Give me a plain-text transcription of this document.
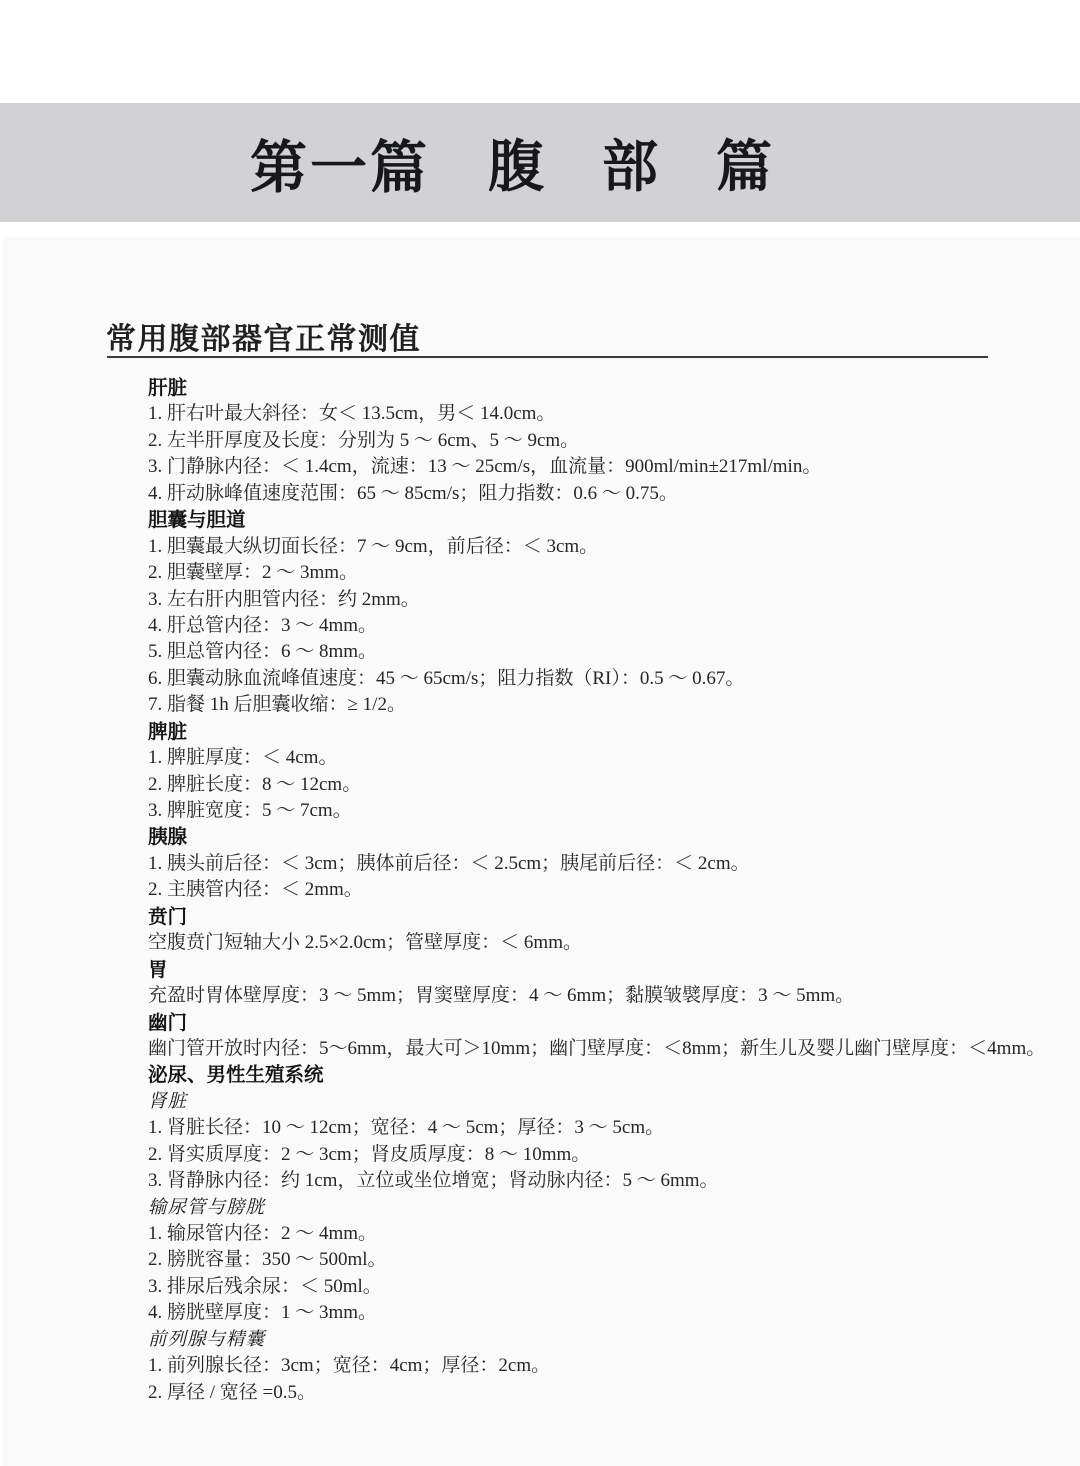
第一篇 腹部篇
常用腹部器官正常测值
肝脏
1. 肝右叶最大斜径：女＜ 13.5cm，男＜ 14.0cm。
2. 左半肝厚度及长度：分别为 5 ～ 6cm、5 ～ 9cm。
3. 门静脉内径：＜ 1.4cm，流速：13 ～ 25cm/s，血流量：900ml/min±217ml/min。
4. 肝动脉峰值速度范围：65 ～ 85cm/s；阻力指数：0.6 ～ 0.75。
胆囊与胆道
1. 胆囊最大纵切面长径：7 ～ 9cm，前后径：＜ 3cm。
2. 胆囊壁厚：2 ～ 3mm。
3. 左右肝内胆管内径：约 2mm。
4. 肝总管内径：3 ～ 4mm。
5. 胆总管内径：6 ～ 8mm。
6. 胆囊动脉血流峰值速度：45 ～ 65cm/s；阻力指数（RI）：0.5 ～ 0.67。
7. 脂餐 1h 后胆囊收缩：≥ 1/2。
脾脏
1. 脾脏厚度：＜ 4cm。
2. 脾脏长度：8 ～ 12cm。
3. 脾脏宽度：5 ～ 7cm。
胰腺
1. 胰头前后径：＜ 3cm；胰体前后径：＜ 2.5cm；胰尾前后径：＜ 2cm。
2. 主胰管内径：＜ 2mm。
贲门
空腹贲门短轴大小 2.5×2.0cm；管壁厚度：＜ 6mm。
胃
充盈时胃体壁厚度：3 ～ 5mm；胃窦壁厚度：4 ～ 6mm；黏膜皱襞厚度：3 ～ 5mm。
幽门
幽门管开放时内径：5～6mm，最大可＞10mm；幽门壁厚度：＜8mm；新生儿及婴儿幽门壁厚度：＜4mm。
泌尿、男性生殖系统
肾脏
1. 肾脏长径：10 ～ 12cm；宽径：4 ～ 5cm；厚径：3 ～ 5cm。
2. 肾实质厚度：2 ～ 3cm；肾皮质厚度：8 ～ 10mm。
3. 肾静脉内径：约 1cm，立位或坐位增宽；肾动脉内径：5 ～ 6mm。
输尿管与膀胱
1. 输尿管内径：2 ～ 4mm。
2. 膀胱容量：350 ～ 500ml。
3. 排尿后残余尿：＜ 50ml。
4. 膀胱壁厚度：1 ～ 3mm。
前列腺与精囊
1. 前列腺长径：3cm；宽径：4cm；厚径：2cm。
2. 厚径 / 宽径 =0.5。
